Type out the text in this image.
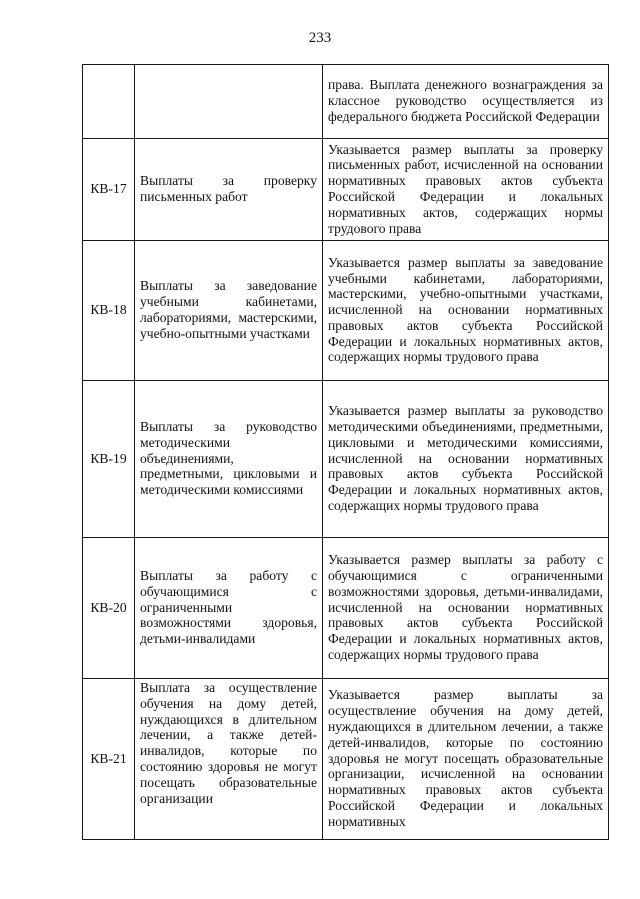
233
		права. Выплата денежного вознаграждения за классное руководство осуществляется из федерального бюджета Российской Федерации
КВ-17	Выплаты за проверку письменных работ	Указывается размер выплаты за проверку письменных работ, исчисленной на основании нормативных правовых актов субъекта Российской Федерации и локальных нормативных актов, содержащих нормы трудового права
КВ-18	Выплаты за заведование учебными кабинетами, лабораториями, мастерскими, учебно-опытными участками	Указывается размер выплаты за заведование учебными кабинетами, лабораториями, мастерскими, учебно-опытными участками, исчисленной на основании нормативных правовых актов субъекта Российской Федерации и локальных нормативных актов, содержащих нормы трудового права
КВ-19	Выплаты за руководство методическими объединениями, предметными, цикловыми и методическими комиссиями	Указывается размер выплаты за руководство методическими объединениями, предметными, цикловыми и методическими комиссиями, исчисленной на основании нормативных правовых актов субъекта Российской Федерации и локальных нормативных актов, содержащих нормы трудового права
КВ-20	Выплаты за работу с обучающимися с ограниченными возможностями здоровья, детьми-инвалидами	Указывается размер выплаты за работу с обучающимися с ограниченными возможностями здоровья, детьми-инвалидами, исчисленной на основании нормативных правовых актов субъекта Российской Федерации и локальных нормативных актов, содержащих нормы трудового права
КВ-21	Выплата за осуществление обучения на дому детей, нуждающихся в длительном лечении, а также детей-инвалидов, которые по состоянию здоровья не могут посещать образовательные организации	Указывается размер выплаты за осуществление обучения на дому детей, нуждающихся в длительном лечении, а также детей-инвалидов, которые по состоянию здоровья не могут посещать образовательные организации, исчисленной на основании нормативных правовых актов субъекта Российской Федерации и локальных нормативных
